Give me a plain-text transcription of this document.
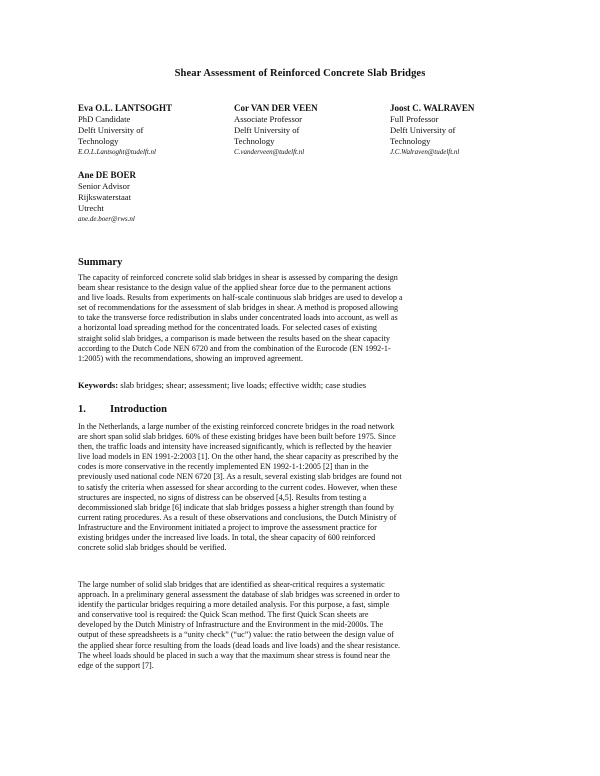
Shear Assessment of Reinforced Concrete Slab Bridges
Eva O.L. LANTSOGHT
PhD Candidate
Delft University of
Technology
E.O.L.Lantsoght@tudelft.nl
Cor VAN DER VEEN
Associate Professor
Delft University of
Technology
C.vanderveen@tudelft.nl
Joost C. WALRAVEN
Full Professor
Delft University of
Technology
J.C.Walraven@tudelft.nl
Ane DE BOER
Senior Advisor
Rijkswaterstaat
Utrecht
ane.de.boer@rws.nl
Summary
The capacity of reinforced concrete solid slab bridges in shear is assessed by comparing the design
beam shear resistance to the design value of the applied shear force due to the permanent actions
and live loads. Results from experiments on half-scale continuous slab bridges are used to develop a
set of recommendations for the assessment of slab bridges in shear. A method is proposed allowing
to take the transverse force redistribution in slabs under concentrated loads into account, as well as
a horizontal load spreading method for the concentrated loads. For selected cases of existing
straight solid slab bridges, a comparison is made between the results based on the shear capacity
according to the Dutch Code NEN 6720 and from the combination of the Eurocode (EN 1992-1-
1:2005) with the recommendations, showing an improved agreement.
Keywords: slab bridges; shear; assessment; live loads; effective width; case studies
1. Introduction
In the Netherlands, a large number of the existing reinforced concrete bridges in the road network
are short span solid slab bridges. 60% of these existing bridges have been built before 1975. Since
then, the traffic loads and intensity have increased significantly, which is reflected by the heavier
live load models in EN 1991-2:2003 [1]. On the other hand, the shear capacity as prescribed by the
codes is more conservative in the recently implemented EN 1992-1-1:2005 [2] than in the
previously used national code NEN 6720 [3]. As a result, several existing slab bridges are found not
to satisfy the criteria when assessed for shear according to the current codes. However, when these
structures are inspected, no signs of distress can be observed [4,5]. Results from testing a
decommissioned slab bridge [6] indicate that slab bridges possess a higher strength than found by
current rating procedures. As a result of these observations and conclusions, the Dutch Ministry of
Infrastructure and the Environment initiated a project to improve the assessment practice for
existing bridges under the increased live loads. In total, the shear capacity of 600 reinforced
concrete solid slab bridges should be verified.
The large number of solid slab bridges that are identified as shear-critical requires a systematic
approach. In a preliminary general assessment the database of slab bridges was screened in order to
identify the particular bridges requiring a more detailed analysis. For this purpose, a fast, simple
and conservative tool is required: the Quick Scan method. The first Quick Scan sheets are
developed by the Dutch Ministry of Infrastructure and the Environment in the mid-2000s. The
output of these spreadsheets is a “unity check” (“uc”) value: the ratio between the design value of
the applied shear force resulting from the loads (dead loads and live loads) and the shear resistance.
The wheel loads should be placed in such a way that the maximum shear stress is found near the
edge of the support [7].
